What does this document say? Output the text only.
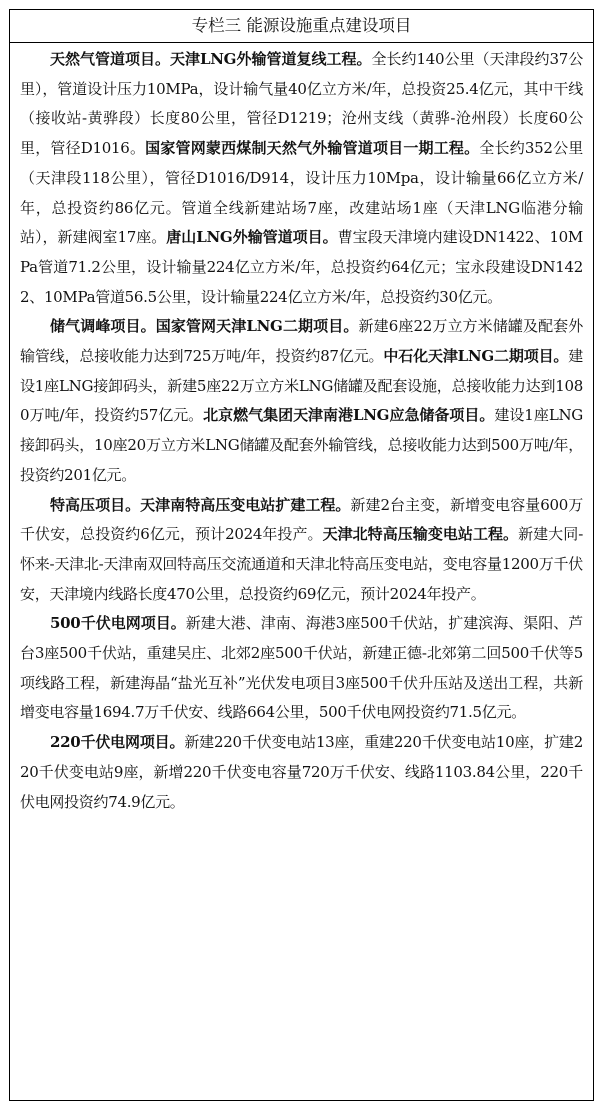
专栏三 能源设施重点建设项目

天然气管道项目。天津LNG外输管道复线工程。全长约140公里（天津段约37公里），管道设计压力10MPa，设计输气量40亿立方米/年，总投资25.4亿元，其中干线（接收站-黄骅段）长度80公里，管径D1219；沧州支线（黄骅-沧州段）长度60公里，管径D1016。国家管网蒙西煤制天然气外输管道项目一期工程。全长约352公里（天津段118公里），管径D1016/D914，设计压力10Mpa，设计输量66亿立方米/年，总投资约86亿元。管道全线新建站场7座，改建站场1座（天津LNG临港分输站），新建阀室17座。唐山LNG外输管道项目。曹宝段天津境内建设DN1422、10MPa管道71.2公里，设计输量224亿立方米/年，总投资约64亿元；宝永段建设DN1422、10MPa管道56.5公里，设计输量224亿立方米/年，总投资约30亿元。

储气调峰项目。国家管网天津LNG二期项目。新建6座22万立方米储罐及配套外输管线，总接收能力达到725万吨/年，投资约87亿元。中石化天津LNG二期项目。建设1座LNG接卸码头，新建5座22万立方米LNG储罐及配套设施，总接收能力达到1080万吨/年，投资约57亿元。北京燃气集团天津南港LNG应急储备项目。建设1座LNG接卸码头，10座20万立方米LNG储罐及配套外输管线，总接收能力达到500万吨/年，投资约201亿元。

特高压项目。天津南特高压变电站扩建工程。新建2台主变，新增变电容量600万千伏安，总投资约6亿元，预计2024年投产。天津北特高压输变电站工程。新建大同-怀来-天津北-天津南双回特高压交流通道和天津北特高压变电站，变电容量1200万千伏安，天津境内线路长度470公里，总投资约69亿元，预计2024年投产。

500千伏电网项目。新建大港、津南、海港3座500千伏站，扩建滨海、渠阳、芦台3座500千伏站，重建吴庄、北郊2座500千伏站，新建正德-北郊第二回500千伏等5项线路工程，新建海晶“盐光互补”光伏发电项目3座500千伏升压站及送出工程，共新增变电容量1694.7万千伏安、线路664公里，500千伏电网投资约71.5亿元。

220千伏电网项目。新建220千伏变电站13座，重建220千伏变电站10座，扩建220千伏变电站9座，新增220千伏变电容量720万千伏安、线路1103.84公里，220千伏电网投资约74.9亿元。
